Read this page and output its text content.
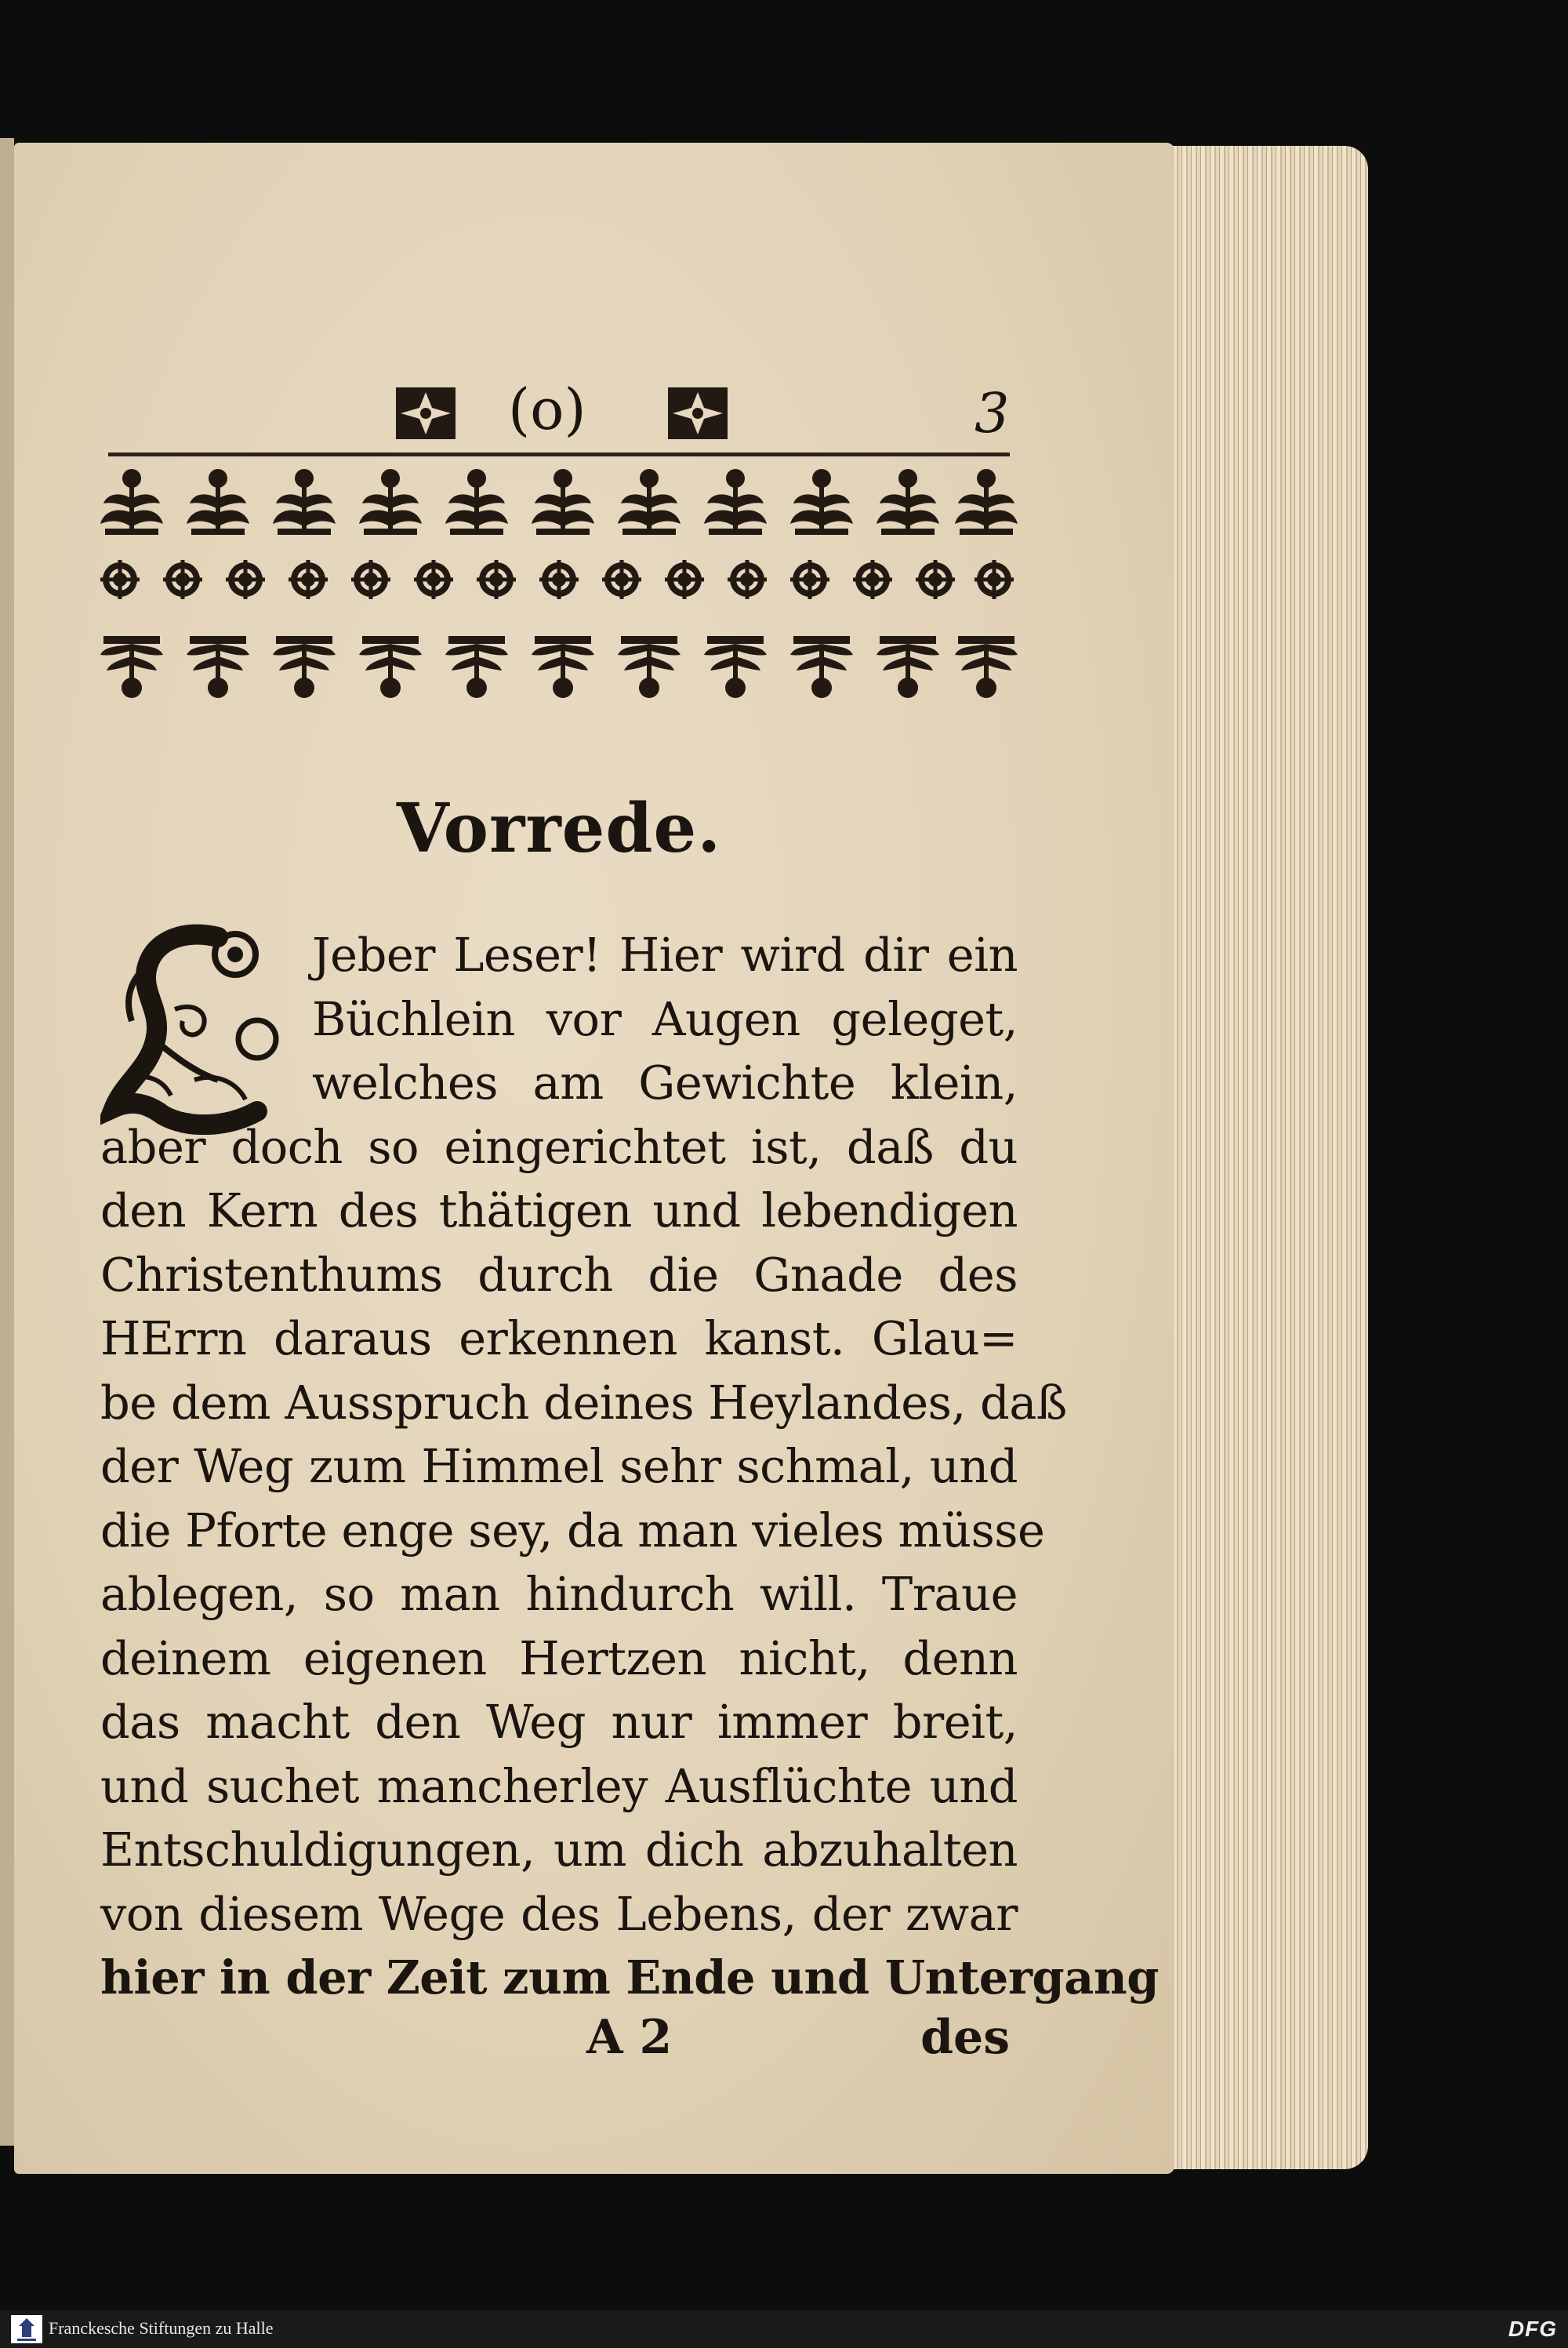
(o)	3
Vorrede.
Jeber Leser! Hier wird dir ein
Büchlein vor Augen geleget,
welches am Gewichte klein,
aber doch so eingerichtet ist, daß du
den Kern des thätigen und lebendigen
Christenthums durch die Gnade des
HErrn daraus erkennen kanst. Glau=
be dem Ausspruch deines Heylandes, daß
der Weg zum Himmel sehr schmal, und
die Pforte enge sey, da man vieles müsse
ablegen, so man hindurch will. Traue
deinem eigenen Hertzen nicht, denn
das macht den Weg nur immer breit,
und suchet mancherley Ausflüchte und
Entschuldigungen, um dich abzuhalten
von diesem Wege des Lebens, der zwar
hier in der Zeit zum Ende und Untergang
A 2	des
Franckesche Stiftungen zu Halle	DFG
